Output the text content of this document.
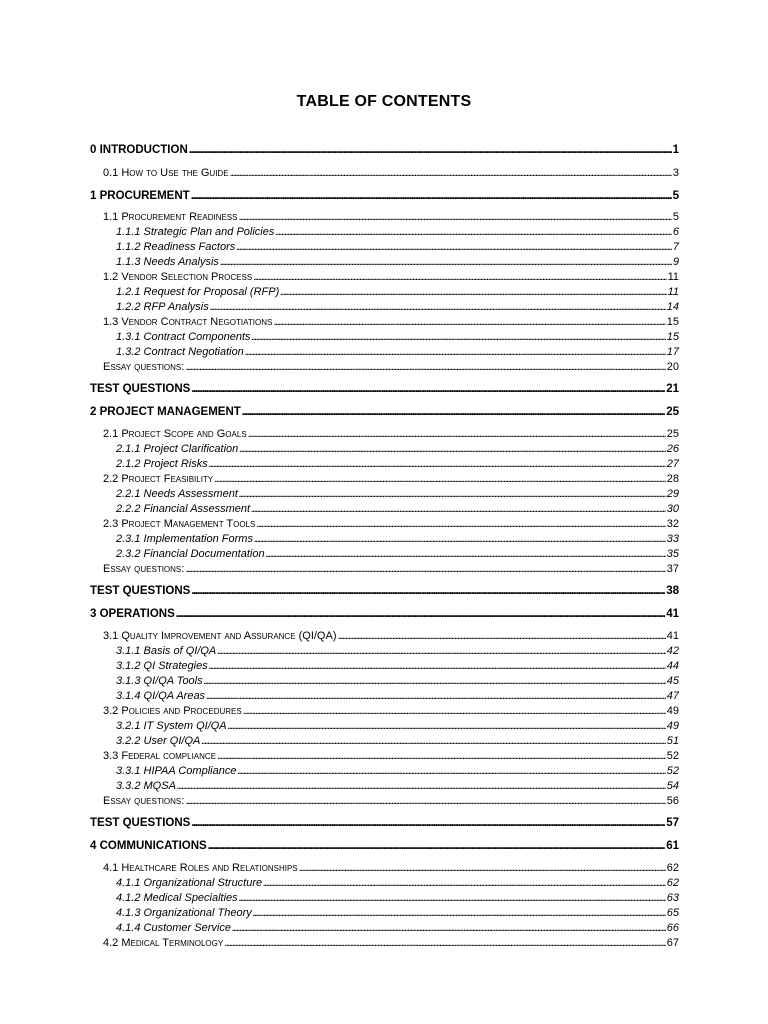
TABLE OF CONTENTS
0 INTRODUCTION . . .	1
0.1 How to Use the Guide . . .	3
1 PROCUREMENT . . .	5
1.1 Procurement Readiness . . .	5
1.1.1 Strategic Plan and Policies . . .	6
1.1.2 Readiness Factors . . .	7
1.1.3 Needs Analysis . . .	9
1.2 Vendor Selection Process . . .	11
1.2.1 Request for Proposal (RFP) . . .	11
1.2.2 RFP Analysis . . .	14
1.3 Vendor Contract Negotiations . . .	15
1.3.1 Contract Components . . .	15
1.3.2 Contract Negotiation . . .	17
Essay questions: . . .	20
TEST QUESTIONS . . .	21
2 PROJECT MANAGEMENT . . .	25
2.1 Project Scope and Goals . . .	25
2.1.1 Project Clarification . . .	26
2.1.2 Project Risks . . .	27
2.2 Project Feasibility . . .	28
2.2.1 Needs Assessment . . .	29
2.2.2 Financial Assessment . . .	30
2.3 Project Management Tools . . .	32
2.3.1 Implementation Forms . . .	33
2.3.2 Financial Documentation . . .	35
Essay questions: . . .	37
TEST QUESTIONS . . .	38
3 OPERATIONS . . .	41
3.1 Quality Improvement and Assurance (QI/QA) . . .	41
3.1.1 Basis of QI/QA . . .	42
3.1.2 QI Strategies . . .	44
3.1.3 QI/QA Tools . . .	45
3.1.4 QI/QA Areas . . .	47
3.2 Policies and Procedures . . .	49
3.2.1 IT System QI/QA . . .	49
3.2.2 User QI/QA . . .	51
3.3 Federal compliance . . .	52
3.3.1 HIPAA Compliance . . .	52
3.3.2 MQSA . . .	54
Essay questions: . . .	56
TEST QUESTIONS . . .	57
4 COMMUNICATIONS . . .	61
4.1 Healthcare Roles and Relationships . . .	62
4.1.1 Organizational Structure . . .	62
4.1.2 Medical Specialties . . .	63
4.1.3 Organizational Theory . . .	65
4.1.4 Customer Service . . .	66
4.2 Medical Terminology . . .	67
